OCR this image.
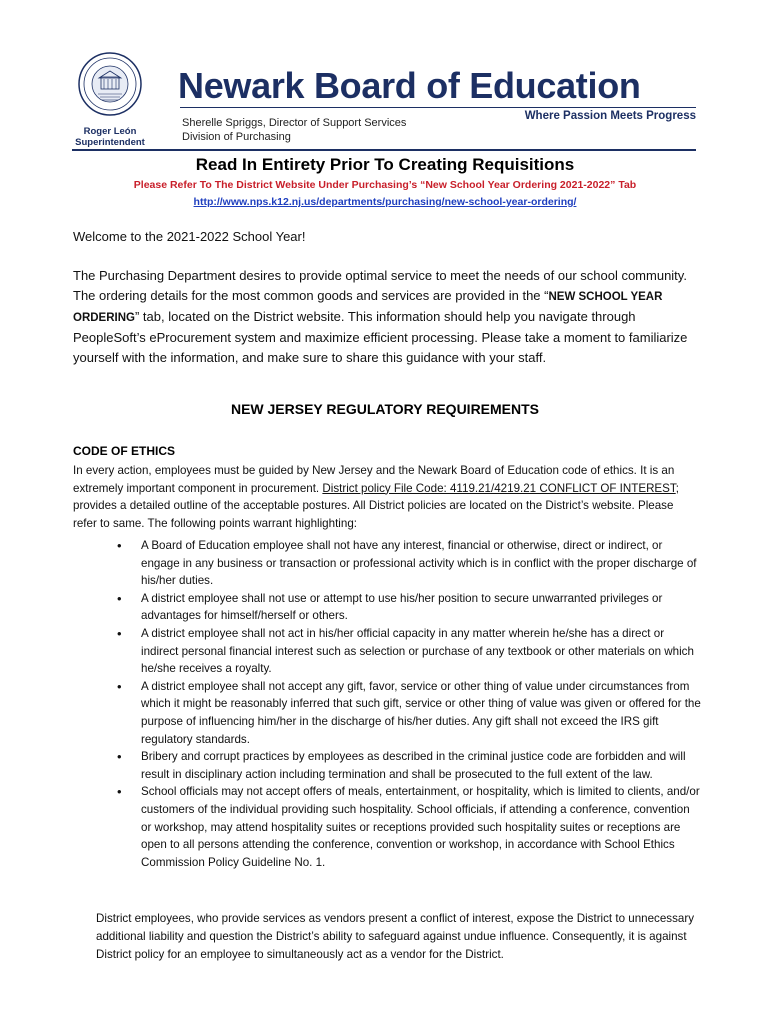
Roger León
Superintendent
Newark Board of Education
Sherelle Spriggs, Director of Support Services
Division of Purchasing
Where Passion Meets Progress
Read In Entirety Prior To Creating Requisitions
Please Refer To The District Website Under Purchasing’s “New School Year Ordering 2021-2022” Tab
http://www.nps.k12.nj.us/departments/purchasing/new-school-year-ordering/
Welcome to the 2021-2022 School Year!

The Purchasing Department desires to provide optimal service to meet the needs of our school community. The ordering details for the most common goods and services are provided in the “NEW SCHOOL YEAR ORDERING” tab, located on the District website. This information should help you navigate through PeopleSoft’s eProcurement system and maximize efficient processing. Please take a moment to familiarize yourself with the information, and make sure to share this guidance with your staff.

NEW JERSEY REGULATORY REQUIREMENTS
CODE OF ETHICS

In every action, employees must be guided by New Jersey and the Newark Board of Education code of ethics. It is an extremely important component in procurement. District policy File Code: 4119.21/4219.21 CONFLICT OF INTEREST; provides a detailed outline of the acceptable postures. All District policies are located on the District’s website. Please refer to same. The following points warrant highlighting:

• A Board of Education employee shall not have any interest, financial or otherwise, direct or indirect, or engage in any business or transaction or professional activity which is in conflict with the proper discharge of his/her duties.
• A district employee shall not use or attempt to use his/her position to secure unwarranted privileges or advantages for himself/herself or others.
• A district employee shall not act in his/her official capacity in any matter wherein he/she has a direct or indirect personal financial interest such as selection or purchase of any textbook or other materials on which he/she receives a royalty.
• A district employee shall not accept any gift, favor, service or other thing of value under circumstances from which it might be reasonably inferred that such gift, service or other thing of value was given or offered for the purpose of influencing him/her in the discharge of his/her duties. Any gift shall not exceed the IRS gift regulatory standards.
• Bribery and corrupt practices by employees as described in the criminal justice code are forbidden and will result in disciplinary action including termination and shall be prosecuted to the full extent of the law.
• School officials may not accept offers of meals, entertainment, or hospitality, which is limited to clients, and/or customers of the individual providing such hospitality. School officials, if attending a conference, convention or workshop, may attend hospitality suites or receptions provided such hospitality suites or receptions are open to all persons attending the conference, convention or workshop, in accordance with School Ethics Commission Policy Guideline No. 1.

District employees, who provide services as vendors present a conflict of interest, expose the District to unnecessary additional liability and question the District’s ability to safeguard against undue influence. Consequently, it is against District policy for an employee to simultaneously act as a vendor for the District.
